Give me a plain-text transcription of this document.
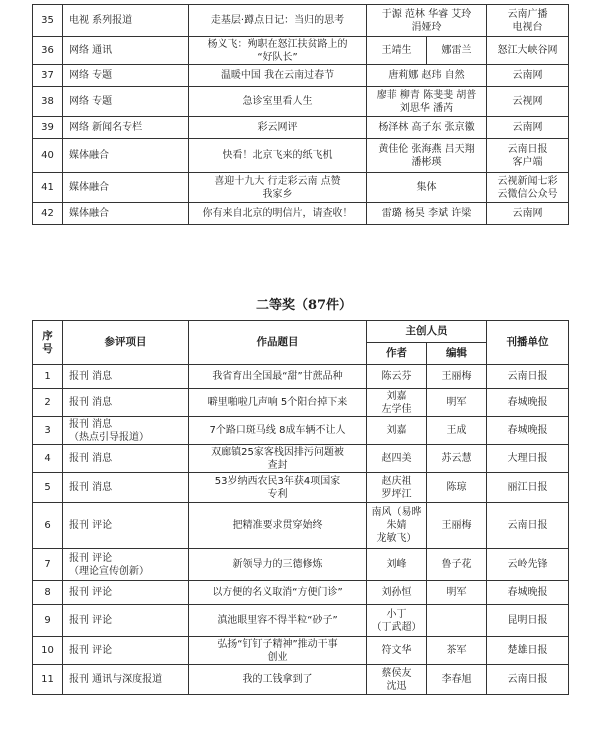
35	电视 系列报道	走基层·蹲点日记：当归的思考	于源 范林 华睿 艾玲
涓娅玲		云南广播
电视台
36	网络 通讯	杨义飞：殉职在怒江扶贫路上的
“好队长”	王靖生	娜雷兰	怒江大峡谷网
37	网络 专题	温暖中国 我在云南过春节	唐莉娜 赵玮 自然		云南网
38	网络 专题	急诊室里看人生	廖菲 柳青 陈斐斐 胡普
刘思华 潘芮		云视网
39	网络 新闻名专栏	彩云网评	杨泽林 高子东 张京徽		云南网
40	媒体融合	快看！北京飞来的纸飞机	黄佳伦 张海燕 吕天翔
潘彬瑛		云南日报
客户端
41	媒体融合	喜迎十九大 行走彩云南 点赞
我家乡	集体		云视新闻七彩
云微信公众号
42	媒体融合	你有来自北京的明信片，请查收！	雷璐 杨昊 李斌 许梁		云南网
二等奖（87件）
序
号	参评项目	作品题目	主创人员		刊播单位
			作者	编辑	
1	报刊 消息	我省育出全国最“甜”甘蔗品种	陈云芬	王丽梅	云南日报
2	报刊 消息	噼里啪啦几声响 5个阳台掉下来	刘嘉
左学佳	明军	春城晚报
3	报刊 消息
（热点引导报道）	7个路口斑马线 8成车辆不让人	刘嘉	王成	春城晚报
4	报刊 消息	双廊镇25家客栈因排污问题被
查封	赵四美	苏云慧	大理日报
5	报刊 消息	53岁纳西农民3年获4项国家
专利	赵庆祖
罗坪江	陈琼	丽江日报
6	报刊 评论	把精准要求贯穿始终	南风（易晔
朱婧
龙敏飞）	王丽梅	云南日报
7	报刊 评论
（理论宣传创新）	新领导力的三德修炼	刘峰	鲁子花	云岭先锋
8	报刊 评论	以方便的名义取消“方便门诊”	刘孙恒	明军	春城晚报
9	报刊 评论	滇池眼里容不得半粒“砂子”	小丁
（丁武超）		昆明日报
10	报刊 评论	弘扬“钉钉子精神”推动干事
创业	符文华	茶军	楚雄日报
11	报刊 通讯与深度报道	我的工钱拿到了	蔡侯友
沈迅	李春旭	云南日报
